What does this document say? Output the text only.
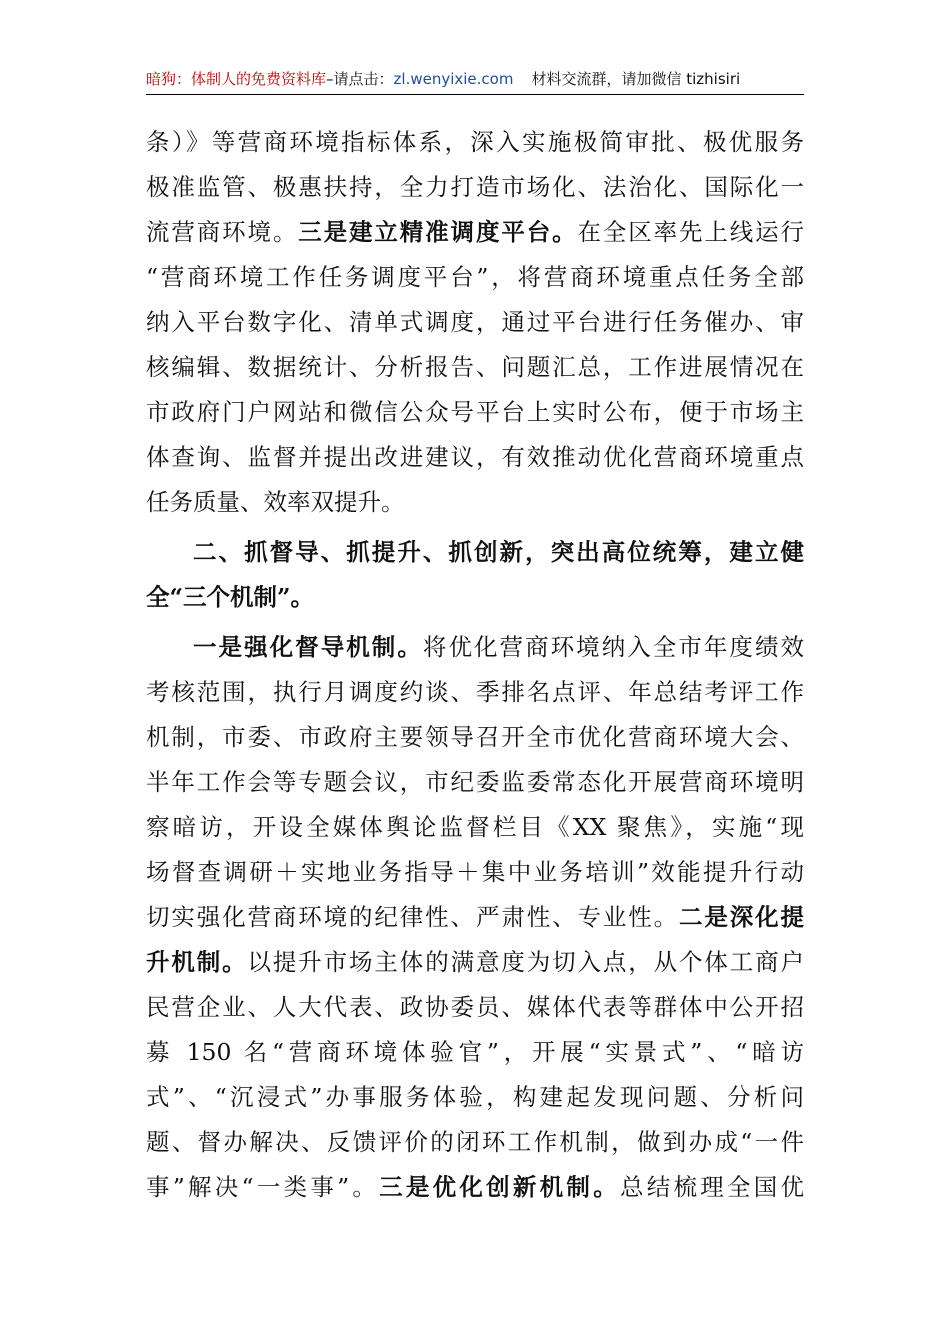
暗狗：体制人的免费资料库–请点击：zl.wenyixie.com 材料交流群，请加微信 tizhisiri
条）》等营商环境指标体系，深入实施极简审批、极优服务
极准监管、极惠扶持，全力打造市场化、法治化、国际化一
流营商环境。三是建立精准调度平台。在全区率先上线运行
“营商环境工作任务调度平台”，将营商环境重点任务全部
纳入平台数字化、清单式调度，通过平台进行任务催办、审
核编辑、数据统计、分析报告、问题汇总，工作进展情况在
市政府门户网站和微信公众号平台上实时公布，便于市场主
体查询、监督并提出改进建议，有效推动优化营商环境重点
任务质量、效率双提升。
二、抓督导、抓提升、抓创新，突出高位统筹，建立健
全“三个机制”。
一是强化督导机制。将优化营商环境纳入全市年度绩效
考核范围，执行月调度约谈、季排名点评、年总结考评工作
机制，市委、市政府主要领导召开全市优化营商环境大会、
半年工作会等专题会议，市纪委监委常态化开展营商环境明
察暗访，开设全媒体舆论监督栏目《XX 聚焦》，实施“现
场督查调研＋实地业务指导＋集中业务培训”效能提升行动
切实强化营商环境的纪律性、严肃性、专业性。二是深化提
升机制。以提升市场主体的满意度为切入点，从个体工商户
民营企业、人大代表、政协委员、媒体代表等群体中公开招
募 150 名“营商环境体验官”，开展“实景式”、“暗访
式”、“沉浸式”办事服务体验，构建起发现问题、分析问
题、督办解决、反馈评价的闭环工作机制，做到办成“一件
事”解决“一类事”。三是优化创新机制。总结梳理全国优
